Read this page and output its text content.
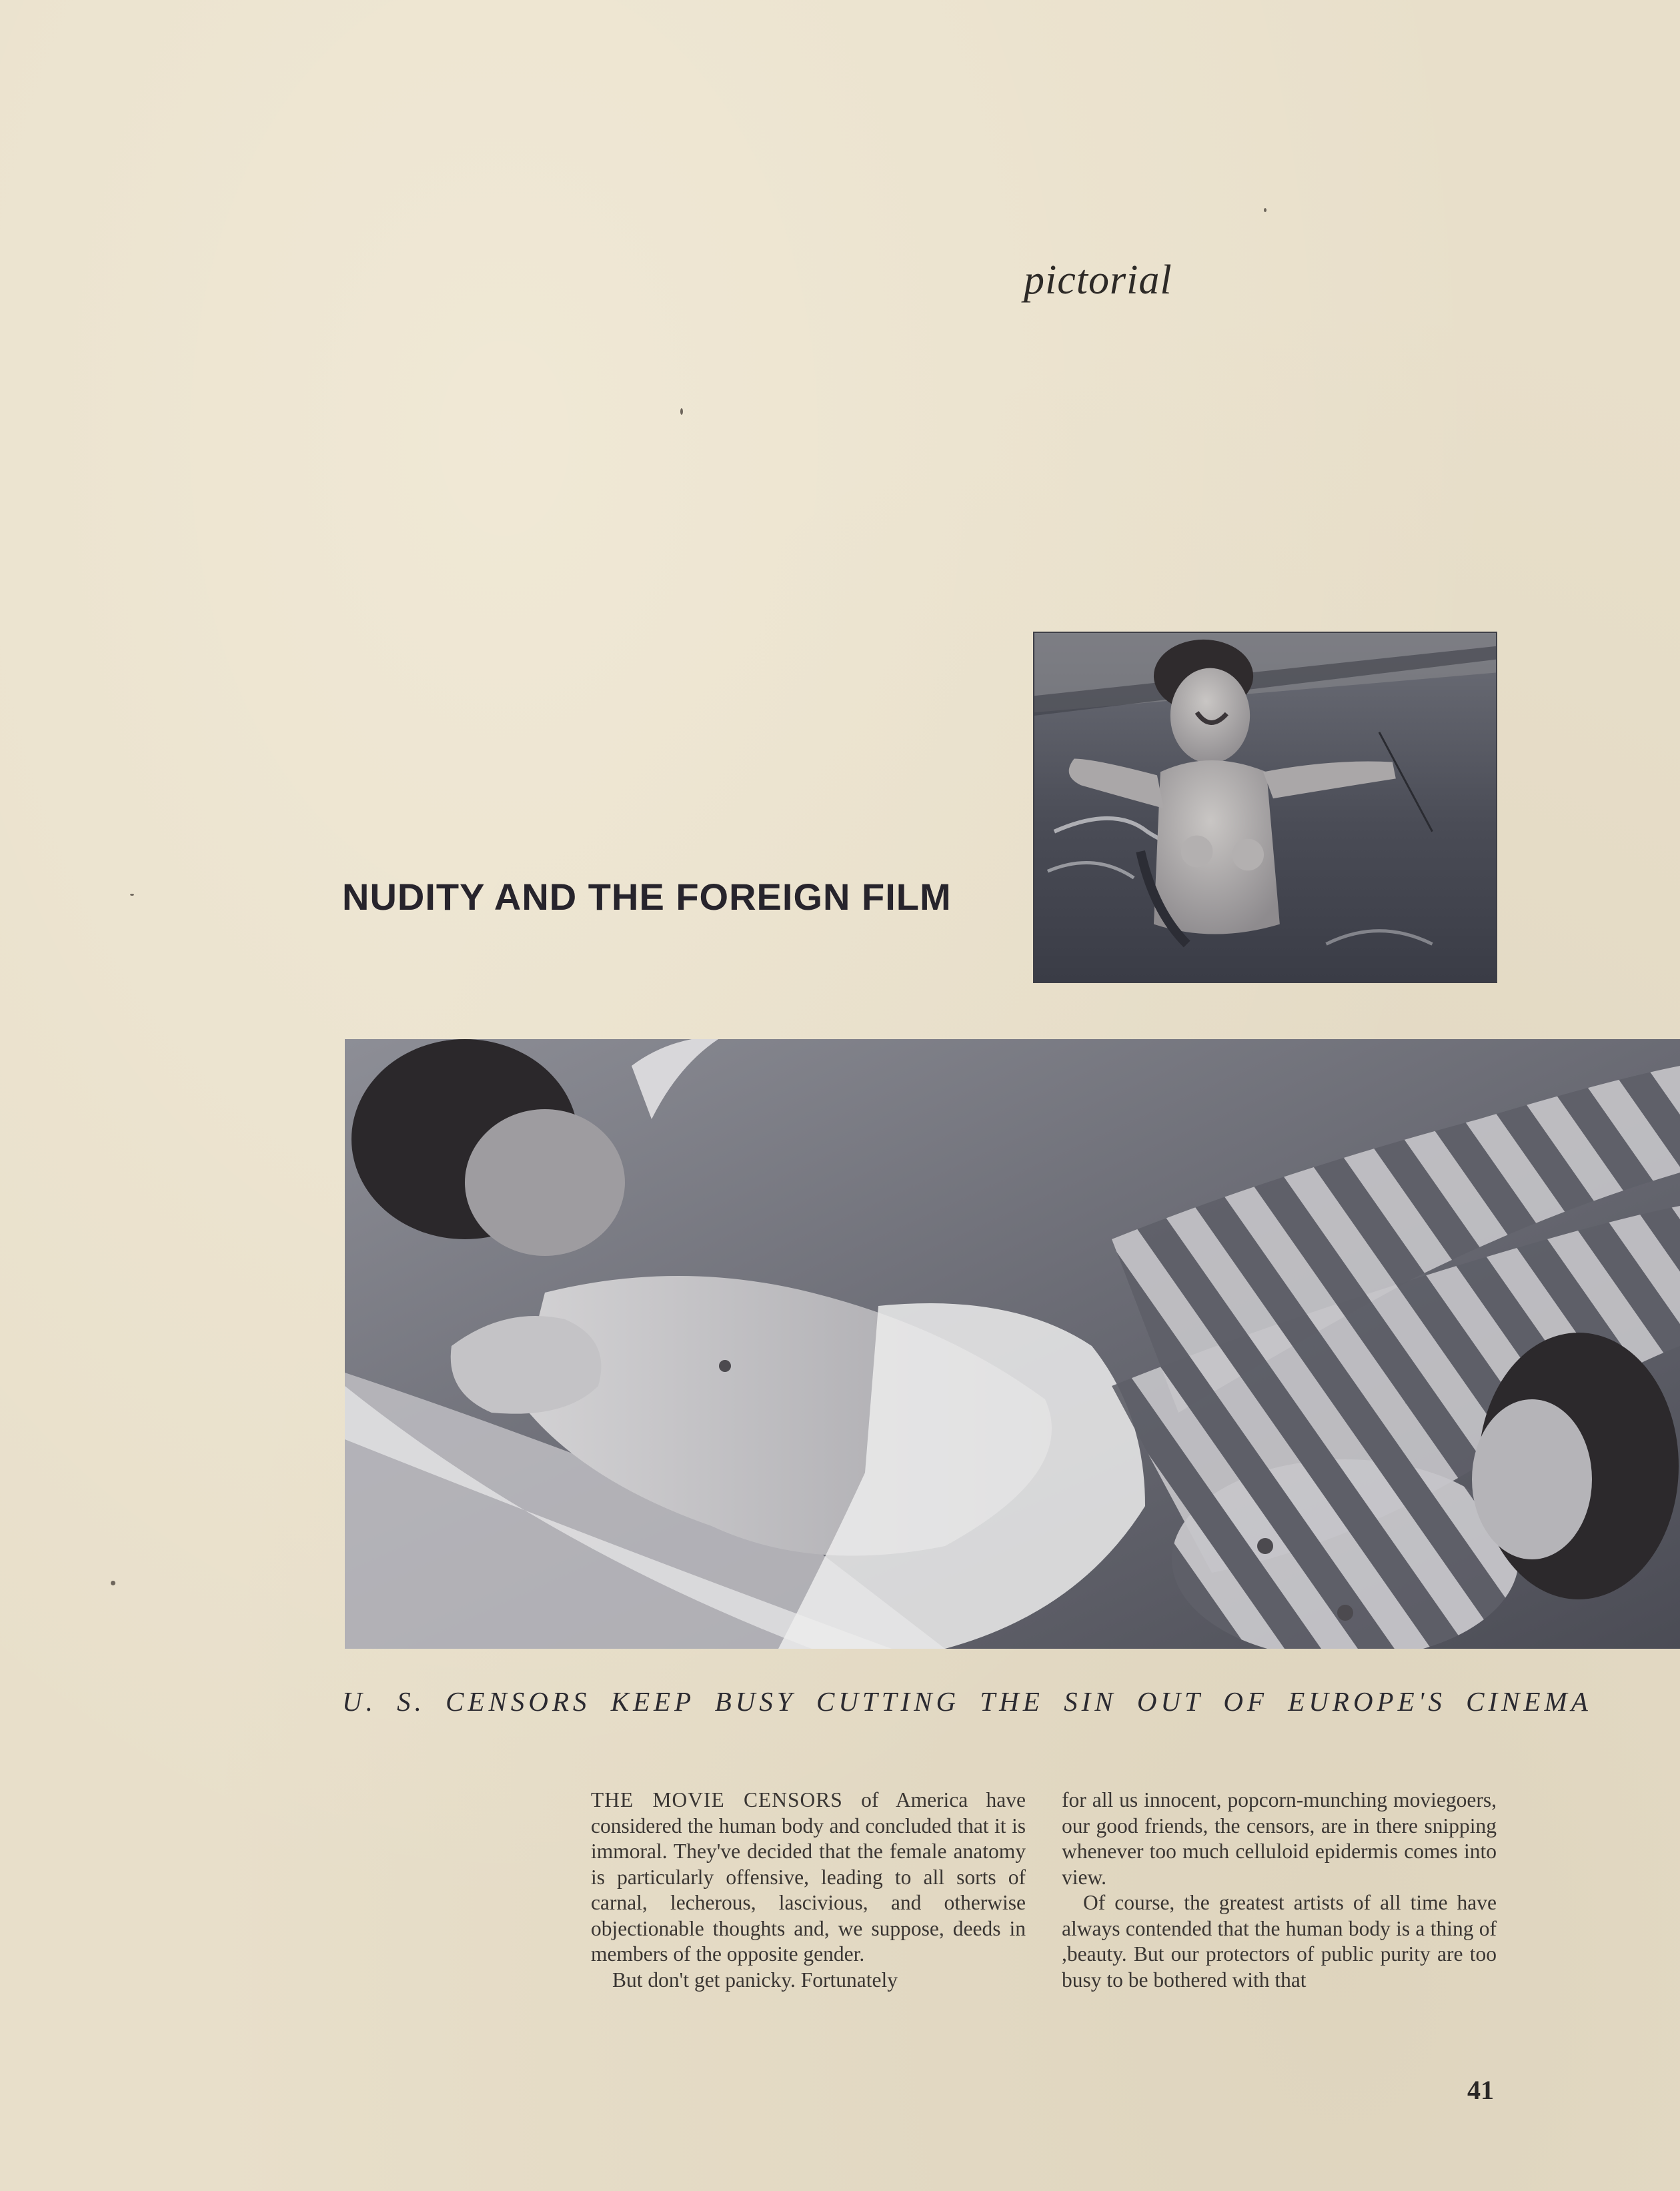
pictorial
NUDITY AND THE FOREIGN FILM
U. S. CENSORS KEEP BUSY CUTTING THE SIN OUT OF EUROPE'S CINEMA

THE MOVIE CENSORS of America have considered the human body and concluded that it is immoral. They've decided that the female anatomy is particularly offensive, leading to all sorts of carnal, lecherous, lascivious, and otherwise objectionable thoughts and, we suppose, deeds in members of the opposite gender.

But don't get panicky. Fortunately

for all us innocent, popcorn-munching moviegoers, our good friends, the censors, are in there snipping whenever too much celluloid epidermis comes into view.

Of course, the greatest artists of all time have always contended that the human body is a thing of ,beauty. But our protectors of public purity are too busy to be bothered with that

41
